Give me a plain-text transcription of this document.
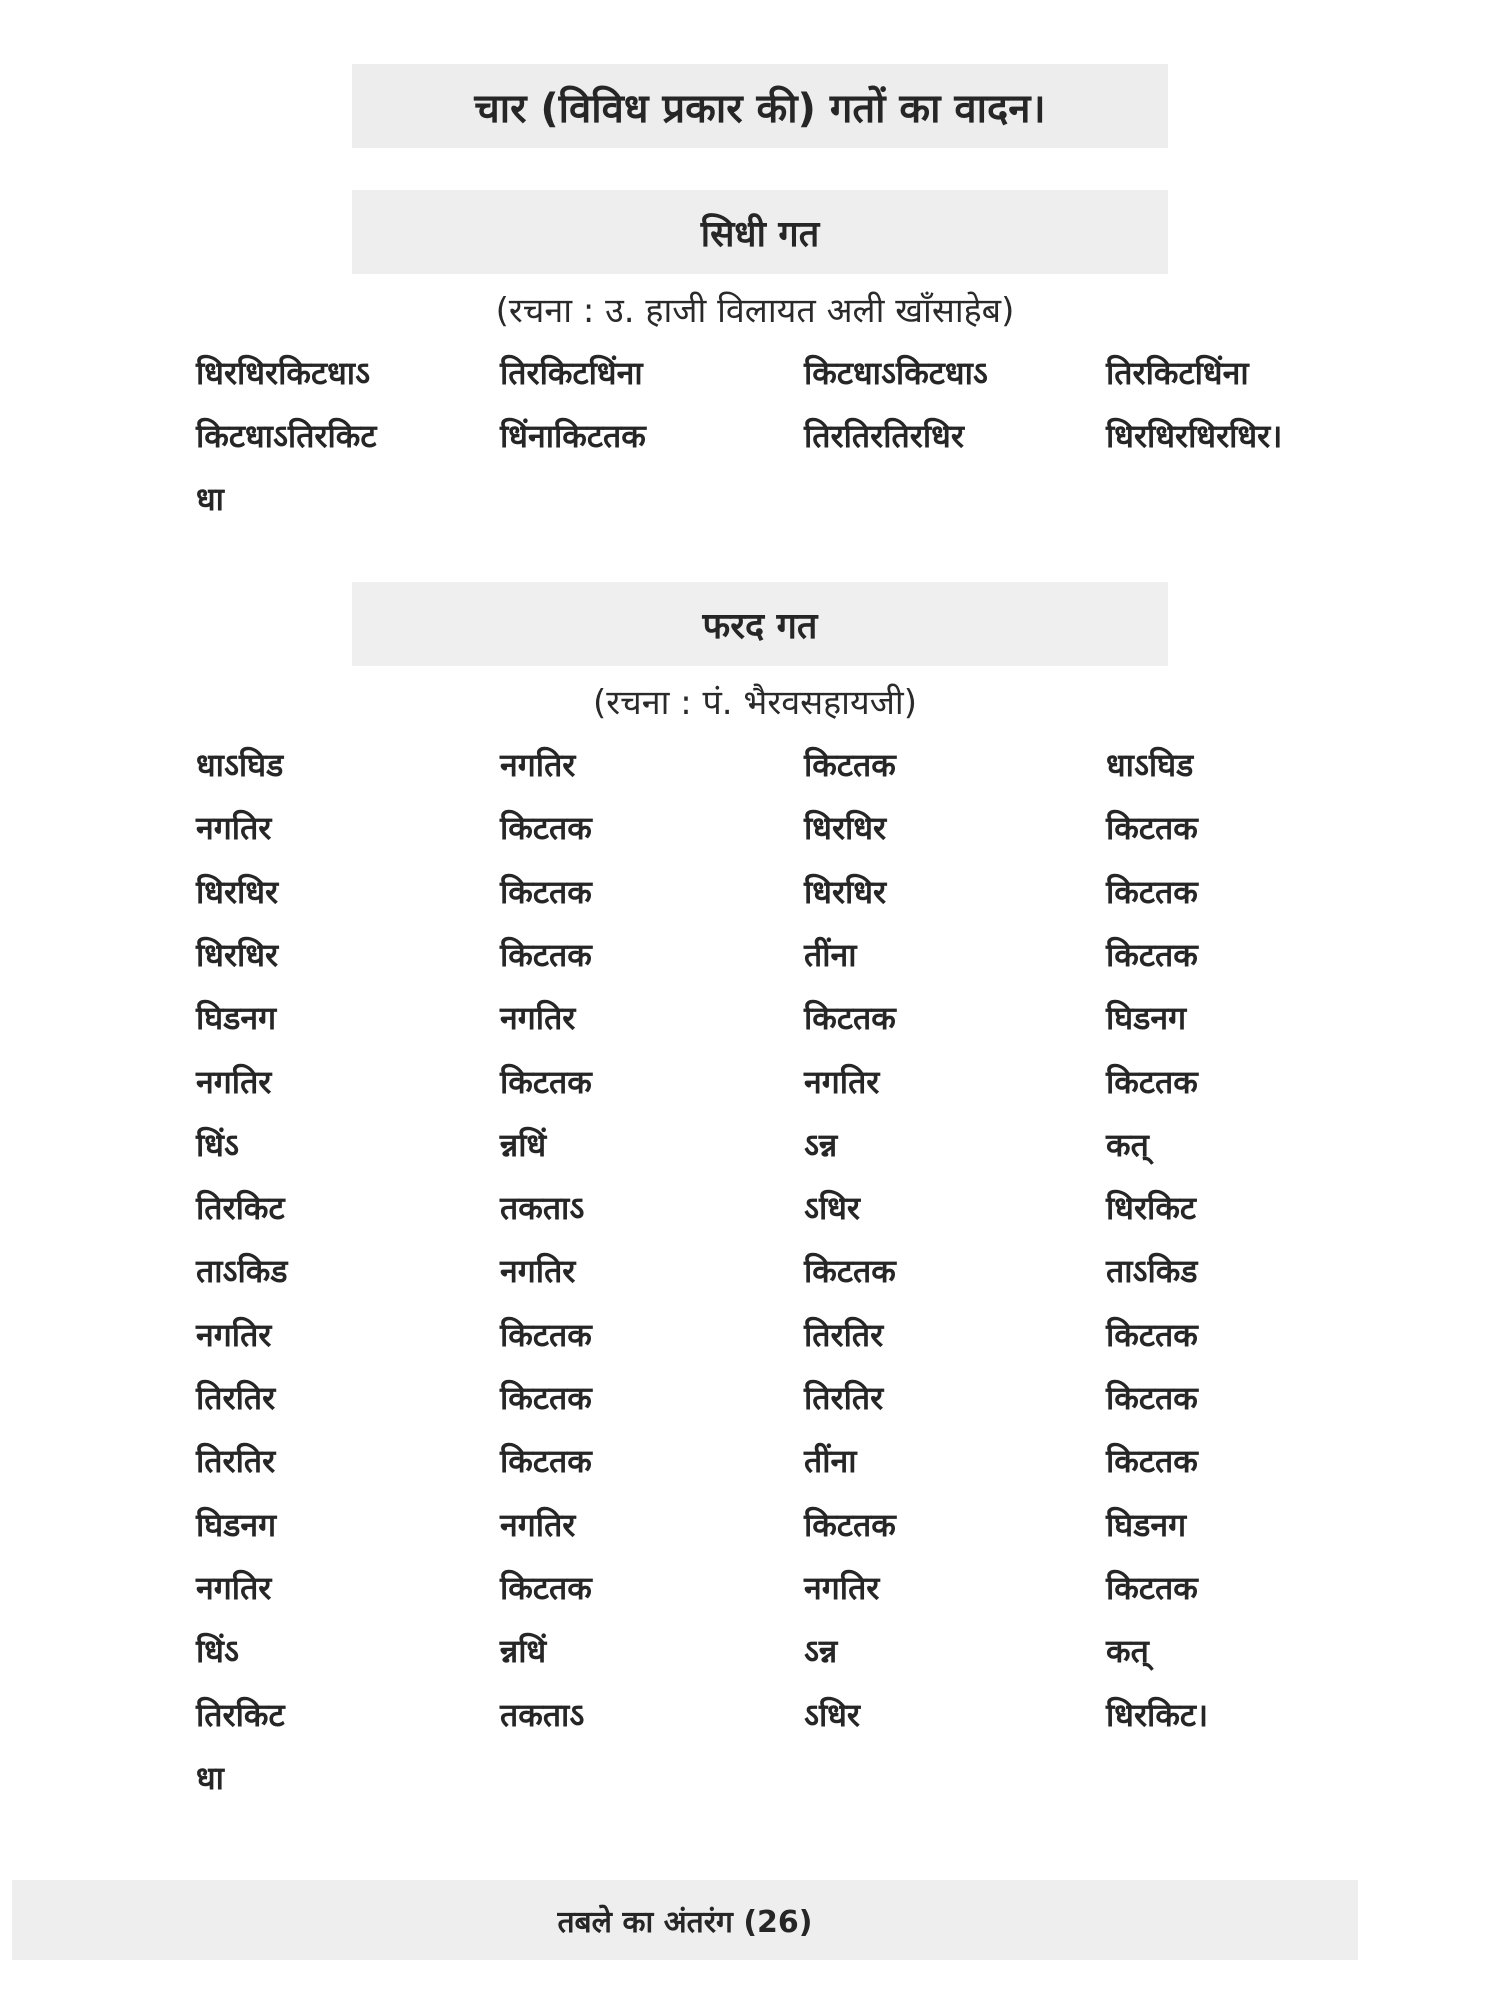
चार (विविध प्रकार की) गतों का वादन।
सिधी गत
(रचना : उ. हाजी विलायत अली खाँसाहेब)
धिरधिरकिटधाऽ	तिरकिटधिंना	किटधाऽकिटधाऽ	तिरकिटधिंना
किटधाऽतिरकिट	धिंनाकिटतक	तिरतिरतिरधिर	धिरधिरधिरधिर।
धा
फरद गत
(रचना : पं. भैरवसहायजी)
धाऽघिड	नगतिर	किटतक	धाऽघिड
नगतिर	किटतक	धिरधिर	किटतक
धिरधिर	किटतक	धिरधिर	किटतक
धिरधिर	किटतक	तींना	किटतक
घिडनग	नगतिर	किटतक	घिडनग
नगतिर	किटतक	नगतिर	किटतक
धिंऽ	न्नधिं	ऽन्न	कत्
तिरकिट	तकताऽ	ऽधिर	धिरकिट
ताऽकिड	नगतिर	किटतक	ताऽकिड
नगतिर	किटतक	तिरतिर	किटतक
तिरतिर	किटतक	तिरतिर	किटतक
तिरतिर	किटतक	तींना	किटतक
घिडनग	नगतिर	किटतक	घिडनग
नगतिर	किटतक	नगतिर	किटतक
धिंऽ	न्नधिं	ऽन्न	कत्
तिरकिट	तकताऽ	ऽधिर	धिरकिट।
धा
तबले का अंतरंग (26)
